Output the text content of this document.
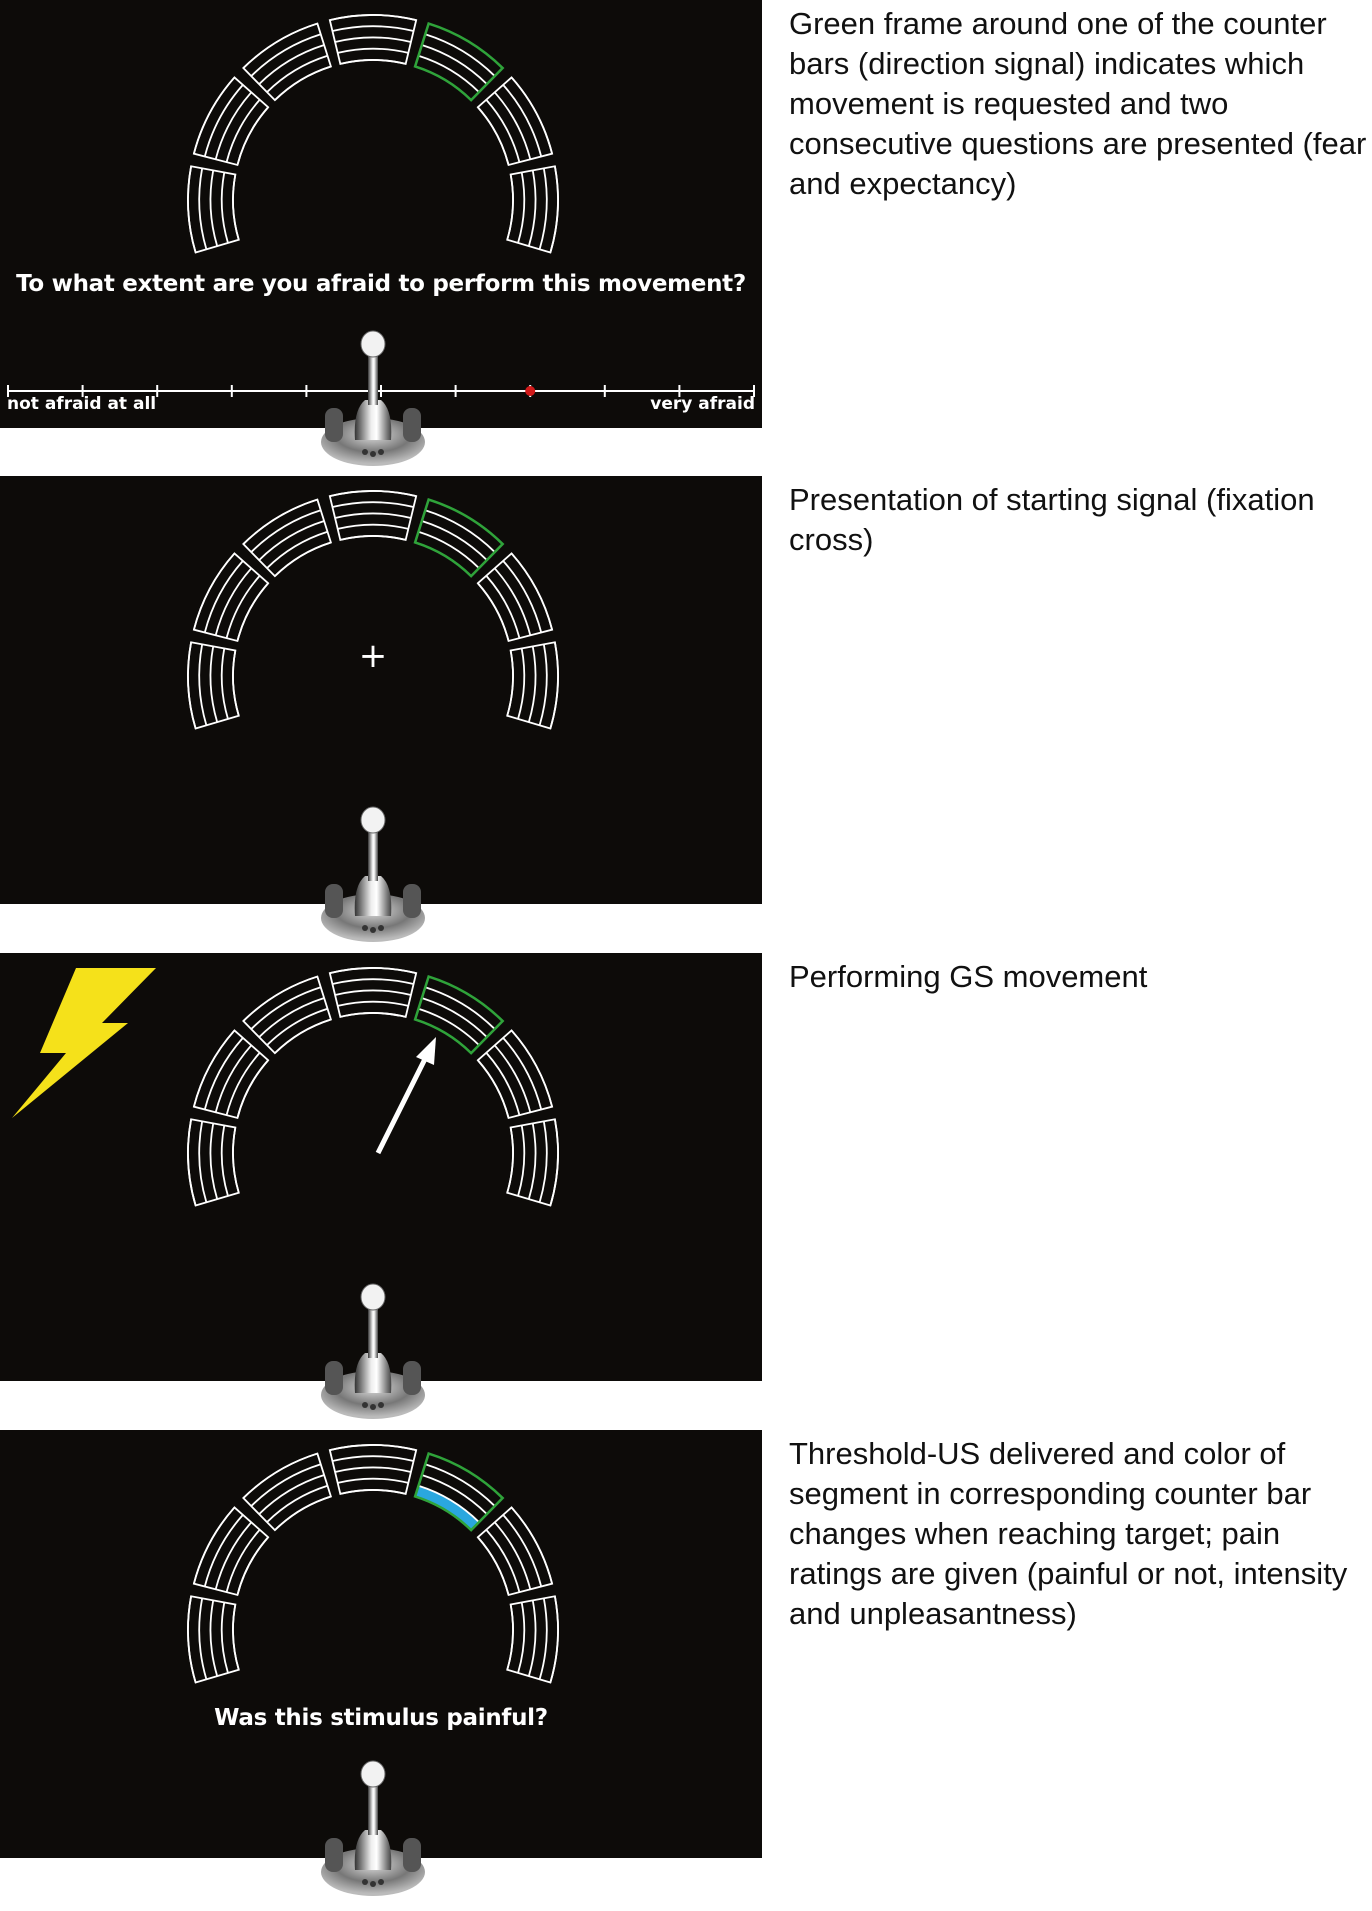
To what extent are you afraid to perform this movement?
not afraid at all	very afraid
Green frame around one of the counter bars (direction signal) indicates which movement is requested and two consecutive questions are presented (fear and expectancy)
+
Presentation of starting signal (fixation cross)
Performing GS movement
Was this stimulus painful?
Threshold-US delivered and color of segment in corresponding counter bar changes when reaching target; pain ratings are given (painful or not, intensity and unpleasantness)
